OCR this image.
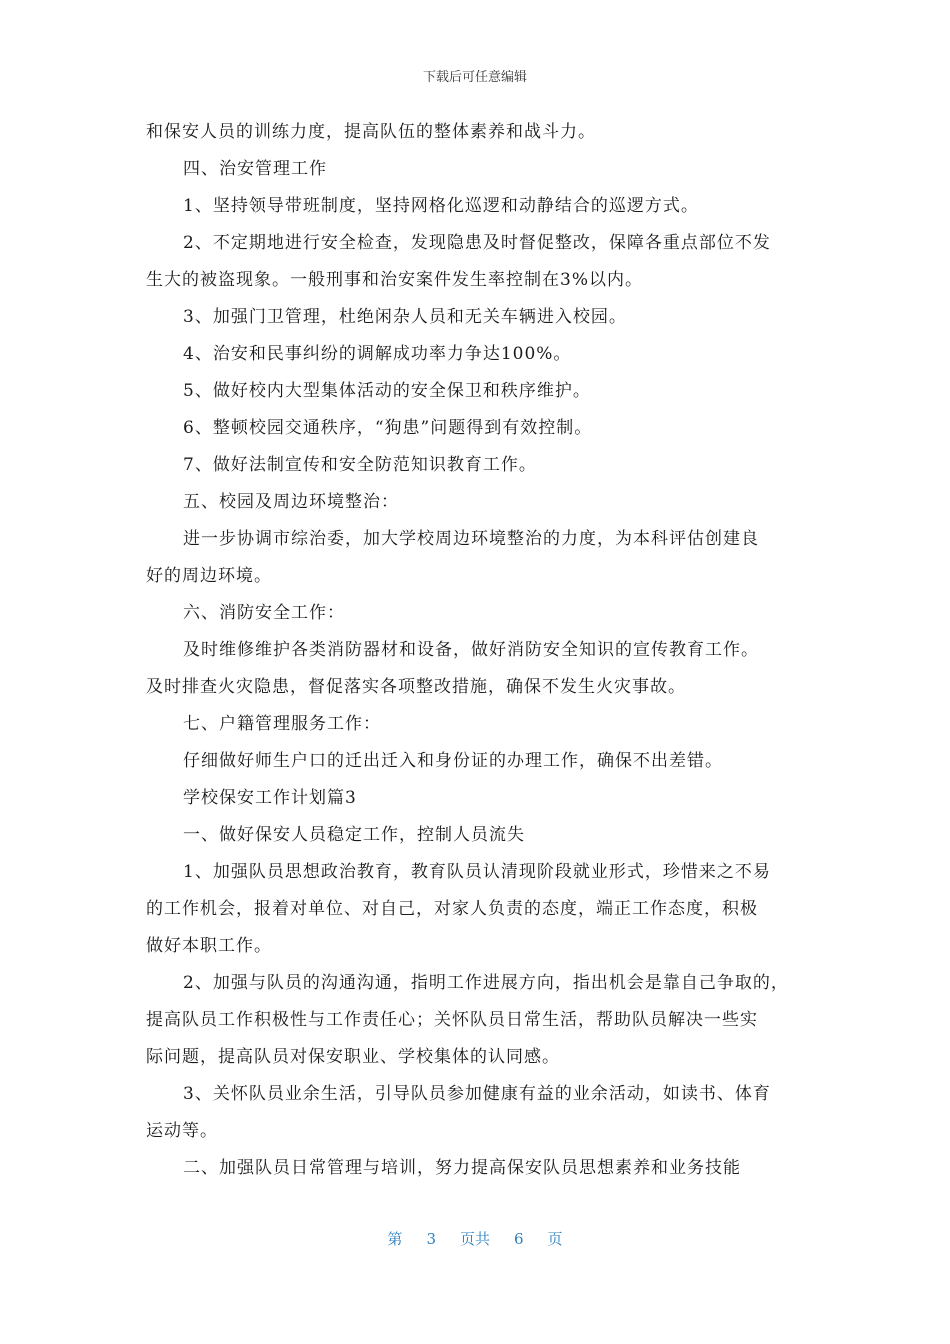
下载后可任意编辑
和保安人员的训练力度，提高队伍的整体素养和战斗力。
四、治安管理工作
1、坚持领导带班制度，坚持网格化巡逻和动静结合的巡逻方式。
2、不定期地进行安全检查，发现隐患及时督促整改，保障各重点部位不发
生大的被盗现象。一般刑事和治安案件发生率控制在3%以内。
3、加强门卫管理，杜绝闲杂人员和无关车辆进入校园。
4、治安和民事纠纷的调解成功率力争达100%。
5、做好校内大型集体活动的安全保卫和秩序维护。
6、整顿校园交通秩序，“狗患”问题得到有效控制。
7、做好法制宣传和安全防范知识教育工作。
五、校园及周边环境整治：
进一步协调市综治委，加大学校周边环境整治的力度，为本科评估创建良
好的周边环境。
六、消防安全工作：
及时维修维护各类消防器材和设备，做好消防安全知识的宣传教育工作。
及时排查火灾隐患，督促落实各项整改措施，确保不发生火灾事故。
七、户籍管理服务工作：
仔细做好师生户口的迁出迁入和身份证的办理工作，确保不出差错。
学校保安工作计划篇3
一、做好保安人员稳定工作，控制人员流失
1、加强队员思想政治教育，教育队员认清现阶段就业形式，珍惜来之不易
的工作机会，报着对单位、对自己，对家人负责的态度，端正工作态度，积极
做好本职工作。
2、加强与队员的沟通沟通，指明工作进展方向，指出机会是靠自己争取的，
提高队员工作积极性与工作责任心；关怀队员日常生活，帮助队员解决一些实
际问题，提高队员对保安职业、学校集体的认同感。
3、关怀队员业余生活，引导队员参加健康有益的业余活动，如读书、体育
运动等。
二、加强队员日常管理与培训，努力提高保安队员思想素养和业务技能
第 3 页共 6 页
